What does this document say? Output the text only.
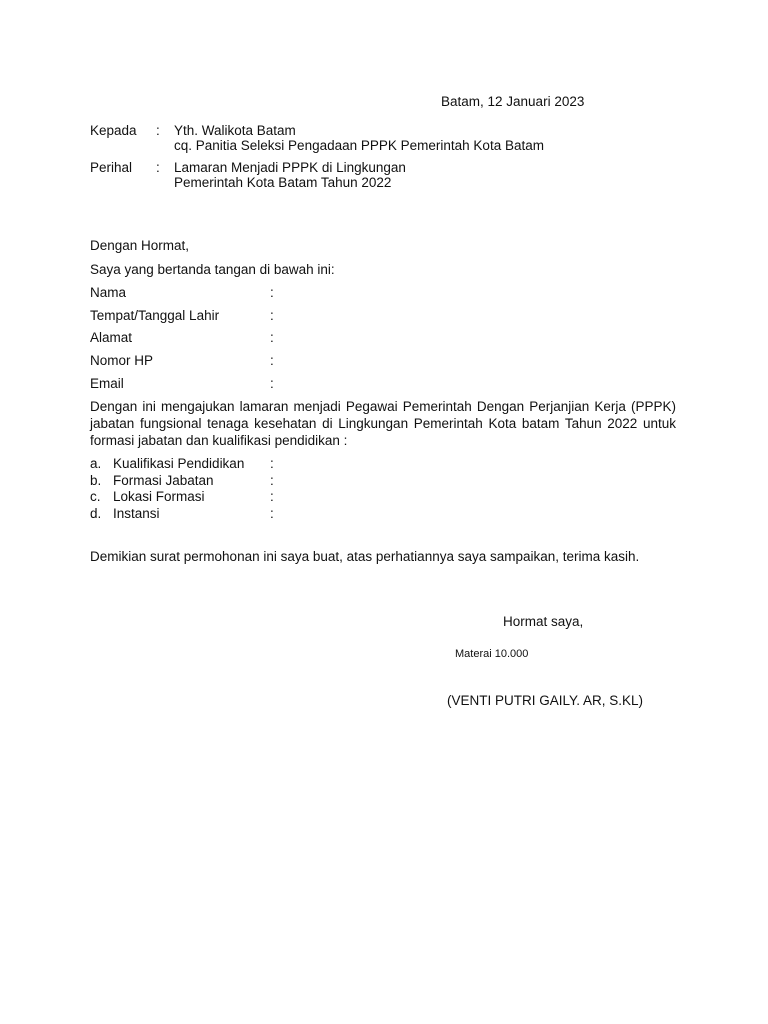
Batam, 12 Januari 2023
Kepada : Yth. Walikota Batam
cq. Panitia Seleksi Pengadaan PPPK Pemerintah Kota Batam
Perihal : Lamaran Menjadi PPPK di Lingkungan
Pemerintah Kota Batam Tahun 2022
Dengan Hormat,
Saya yang bertanda tangan di bawah ini:
Nama	:
Tempat/Tanggal Lahir	:
Alamat	:
Nomor HP	:
Email	:
Dengan ini mengajukan lamaran menjadi Pegawai Pemerintah Dengan Perjanjian Kerja (PPPK) jabatan fungsional tenaga kesehatan di Lingkungan Pemerintah Kota batam Tahun 2022 untuk formasi jabatan dan kualifikasi pendidikan :
a. Kualifikasi Pendidikan :
b. Formasi Jabatan	:
c. Lokasi Formasi	:
d. Instansi	:
Demikian surat permohonan ini saya buat, atas perhatiannya saya sampaikan, terima kasih.
Hormat saya,
Materai 10.000
(VENTI PUTRI GAILY. AR, S.KL)
